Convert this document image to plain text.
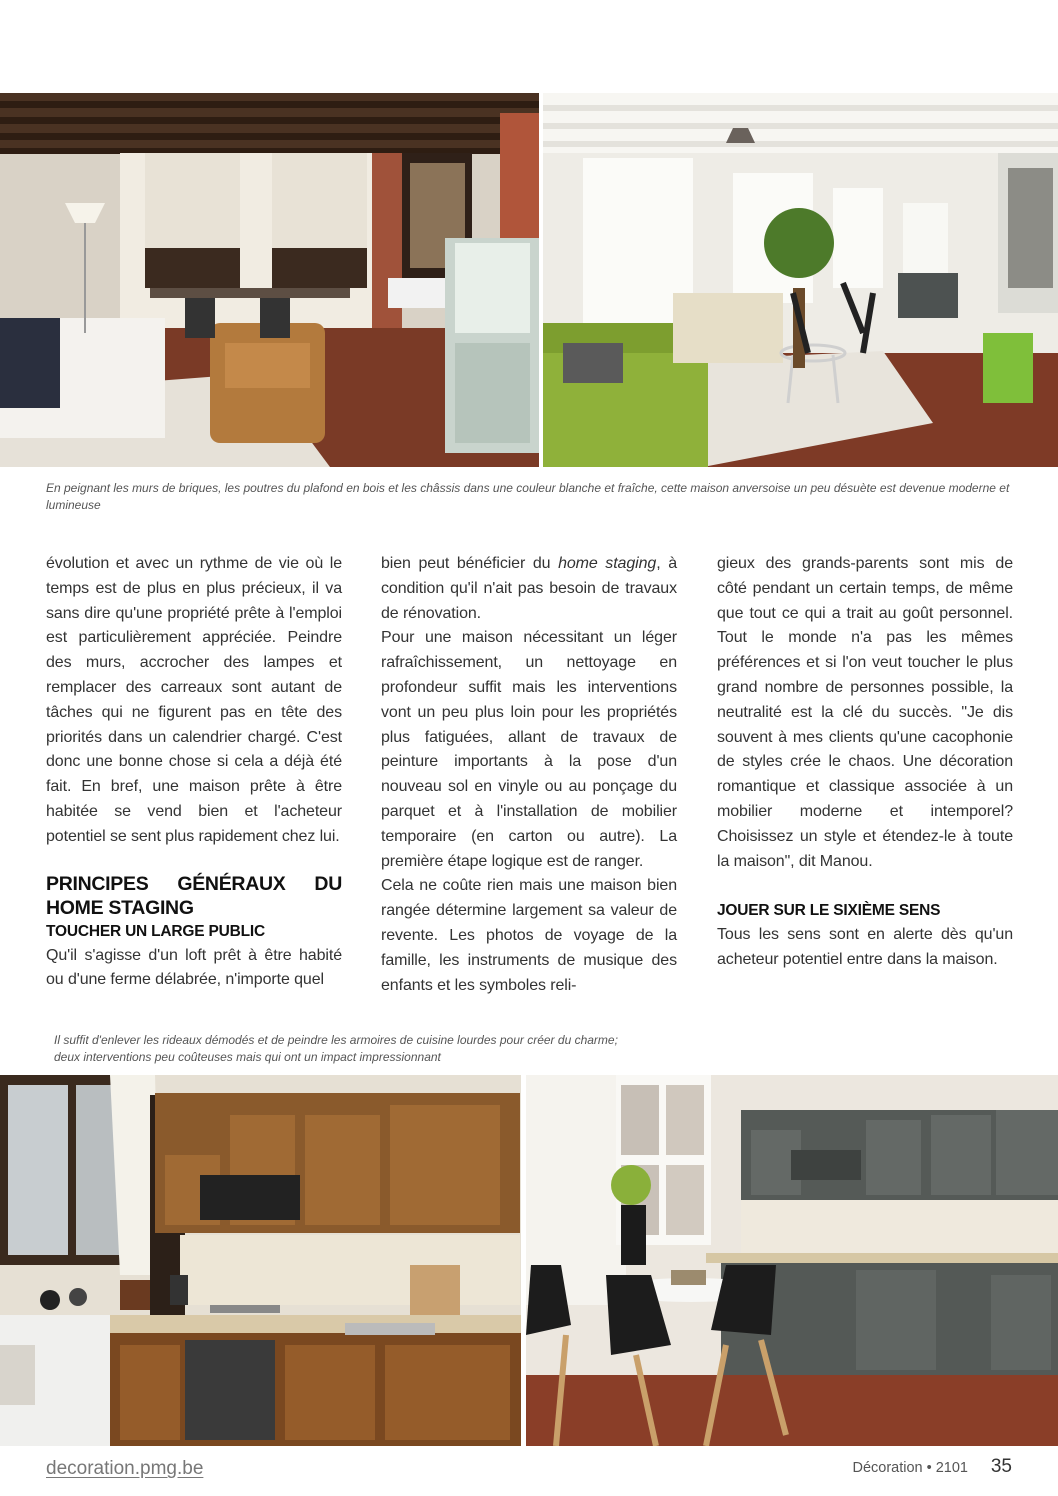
En peignant les murs de briques, les poutres du plafond en bois et les châssis dans une couleur blanche et fraîche, cette maison anversoise un peu désuète est devenue moderne et lumineuse

évolution et avec un rythme de vie où le temps est de plus en plus précieux, il va sans dire qu'une propriété prête à l'emploi est particulièrement appréciée. Peindre des murs, accrocher des lampes et remplacer des carreaux sont autant de tâches qui ne figurent pas en tête des priorités dans un calendrier chargé. C'est donc une bonne chose si cela a déjà été fait. En bref, une maison prête à être habitée se vend bien et l'acheteur potentiel se sent plus rapidement chez lui.

PRINCIPES GÉNÉRAUX DU HOME STAGING
TOUCHER UN LARGE PUBLIC

Qu'il s'agisse d'un loft prêt à être habité ou d'une ferme délabrée, n'importe quel

bien peut bénéficier du home staging, à condition qu'il n'ait pas besoin de travaux de rénovation.

Pour une maison nécessitant un léger rafraîchissement, un nettoyage en profondeur suffit mais les interventions vont un peu plus loin pour les propriétés plus fatiguées, allant de travaux de peinture importants à la pose d'un nouveau sol en vinyle ou au ponçage du parquet et à l'installation de mobilier temporaire (en carton ou autre). La première étape logique est de ranger.

Cela ne coûte rien mais une maison bien rangée détermine largement sa valeur de revente. Les photos de voyage de la famille, les instruments de musique des enfants et les symboles reli-

gieux des grands-parents sont mis de côté pendant un certain temps, de même que tout ce qui a trait au goût personnel. Tout le monde n'a pas les mêmes préférences et si l'on veut toucher le plus grand nombre de personnes possible, la neutralité est la clé du succès. "Je dis souvent à mes clients qu'une cacophonie de styles crée le chaos. Une décoration romantique et classique associée à un mobilier moderne et intemporel? Choisissez un style et étendez-le à toute la maison", dit Manou.

JOUER SUR LE SIXIÈME SENS

Tous les sens sont en alerte dès qu'un acheteur potentiel entre dans la maison.

Il suffit d'enlever les rideaux démodés et de peindre les armoires de cuisine lourdes pour créer du charme;
deux interventions peu coûteuses mais qui ont un impact impressionnant
decoration.pmg.be	Décoration • 2101 35
